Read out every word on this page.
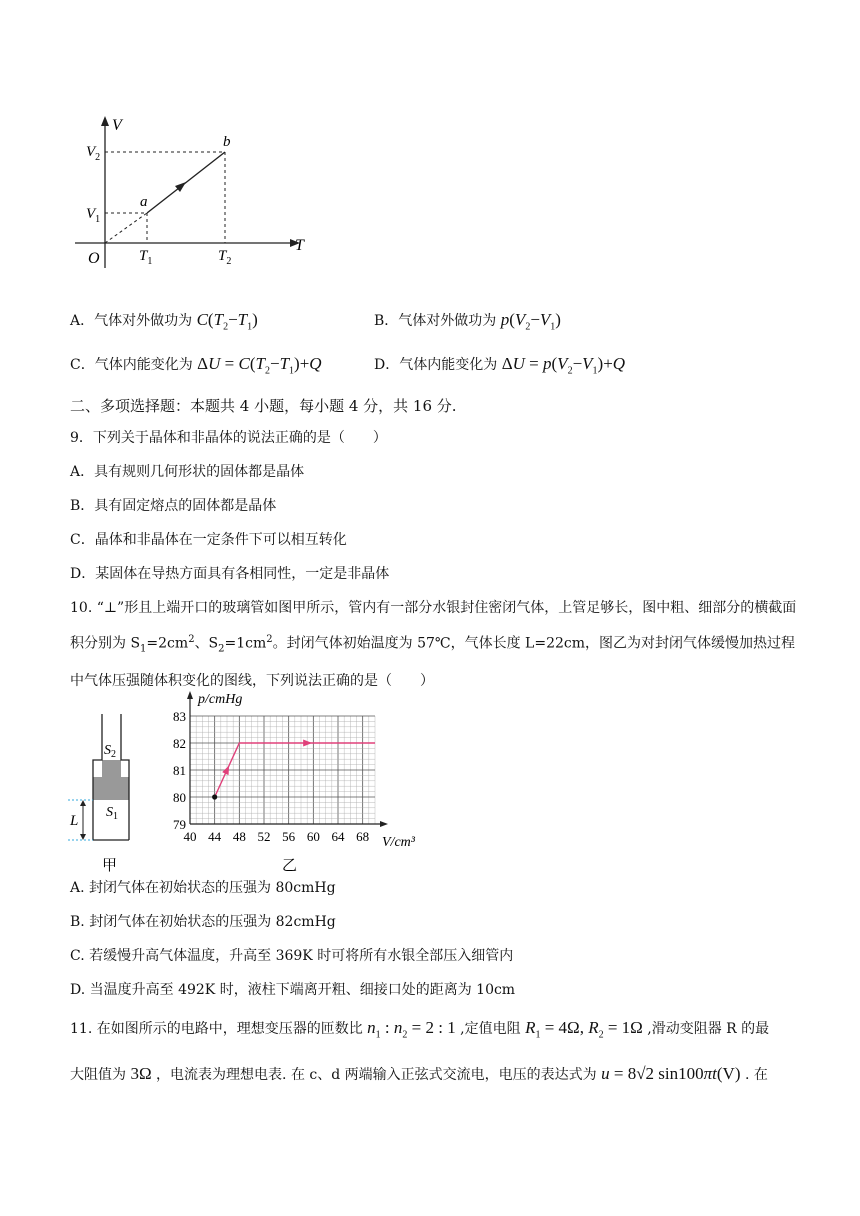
V
T
O
$V_2$
$V_1$
$T_1$	$T_2$
a
b
A．气体对外做功为 $C(T_2-T_1)$	B．气体对外做功为 $p(V_2-V_1)$
C．气体内能变化为 $\Delta U = C(T_2-T_1)+Q$	D．气体内能变化为 $\Delta U = p(V_2-V_1)+Q$
二、多项选择题：本题共 4 小题，每小题 4 分，共 16 分.
9．下列关于晶体和非晶体的说法正确的是（　　）
A．具有规则几何形状的固体都是晶体
B．具有固定熔点的固体都是晶体
C．晶体和非晶体在一定条件下可以相互转化
D．某固体在导热方面具有各相同性，一定是非晶体
10. “⊥”形且上端开口的玻璃管如图甲所示，管内有一部分水银封住密闭气体，上管足够长，图中粗、细部分的横截面积分别为 $S_1=2cm^2$、$S_2=1cm^2$。封闭气体初始温度为 57℃，气体长度 L=22cm，图乙为对封闭气体缓慢加热过程中气体压强随体积变化的图线，下列说法正确的是（　　）
L
$S_2$
$S_1$
甲
40 44 48 52 56 60 64 68
79
80
81
82
83
p/cmHg
V/cm³
乙
A. 封闭气体在初始状态的压强为 80cmHg
B. 封闭气体在初始状态的压强为 82cmHg
C. 若缓慢升高气体温度，升高至 369K 时可将所有水银全部压入细管内
D. 当温度升高至 492K 时，液柱下端离开粗、细接口处的距离为 10cm
11. 在如图所示的电路中，理想变压器的匝数比 $n_1$ : $n_2 = 2$ : 1 ,定值电阻 $R_1 = 4\Omega$, $R_2 = 1\Omega$ ,滑动变阻器 R 的最
大阻值为 3Ω ，电流表为理想电表. 在 c、d 两端输入正弦式交流电，电压的表达式为 u = 8√2 sin100πt(V) . 在
